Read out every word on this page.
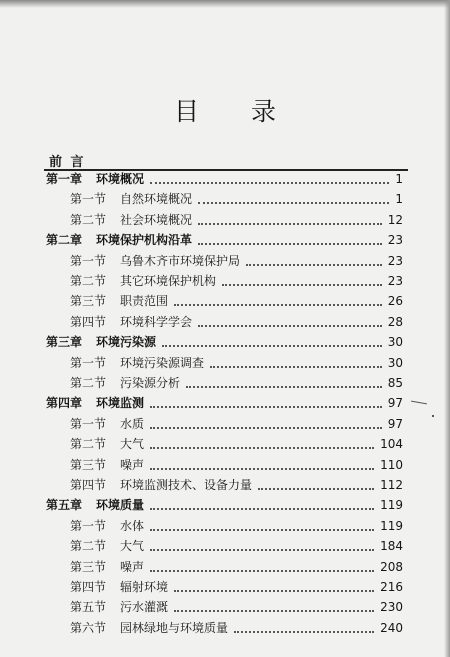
目 录
前 言
第一章 环境概况	1
第一节 自然环境概况	1
第二节 社会环境概况	12
第二章 环境保护机构沿革	23
第一节 乌鲁木齐市环境保护局	23
第二节 其它环境保护机构	23
第三节 职责范围	26
第四节 环境科学学会	28
第三章 环境污染源	30
第一节 环境污染源调查	30
第二节 污染源分析	85
第四章 环境监测	97
第一节 水质	97
第二节 大气	104
第三节 噪声	110
第四节 环境监测技术、设备力量	112
第五章 环境质量	119
第一节 水体	119
第二节 大气	184
第三节 噪声	208
第四节 辐射环境	216
第五节 污水灌溉	230
第六节 园林绿地与环境质量	240
